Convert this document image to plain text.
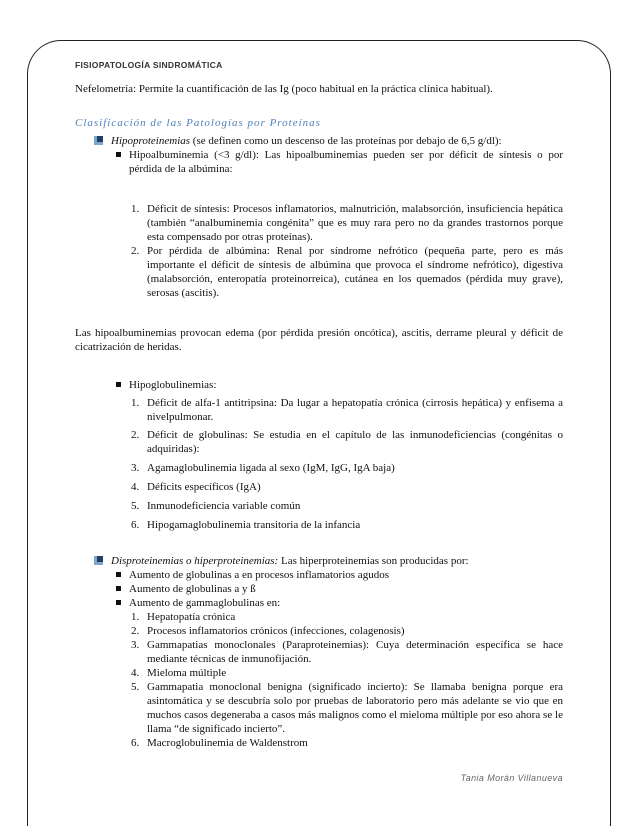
FISIOPATOLOGÍA SINDROMÁTICA

Nefelometría: Permite la cuantificación de las Ig (poco habitual en la práctica clínica habitual).

Clasificación de las Patologías por Proteínas

Hipoproteinemias (se definen como un descenso de las proteínas por debajo de 6,5 g/dl):
Hipoalbuminemia (<3 g/dl): Las hipoalbuminemias pueden ser por déficit de síntesis o por pérdida de la albúmina:
1. Déficit de síntesis: Procesos inflamatorios, malnutrición, malabsorción, insuficiencia hepática (también “analbuminemia congénita” que es muy rara pero no da grandes trastornos porque esta compensado por otras proteínas).
2. Por pérdida de albúmina: Renal por síndrome nefrótico (pequeña parte, pero es más importante el déficit de síntesis de albúmina que provoca el síndrome nefrótico), digestiva (malabsorción, enteropatía proteinorreica), cutánea en los quemados (pérdida muy grave), serosas (ascitis).

Las hipoalbuminemias provocan edema (por pérdida presión oncótica), ascitis, derrame pleural y déficit de cicatrización de heridas.

Hipoglobulinemias:
1. Déficit de alfa-1 antitripsina: Da lugar a hepatopatía crónica (cirrosis hepática) y enfisema a nivelpulmonar.
2. Déficit de globulinas: Se estudia en el capítulo de las inmunodeficiencias (congénitas o adquiridas):
3. Agamaglobulinemia ligada al sexo (IgM, IgG, IgA baja)
4. Déficits específicos (IgA)
5. Inmunodeficiencia variable común
6. Hipogamaglobulinemia transitoria de la infancia
Disproteinemias o hiperproteinemias: Las hiperproteinemias son producidas por:
Aumento de globulinas a en procesos inflamatorios agudos
Aumento de globulinas a y ß
Aumento de gammaglobulinas en:
1. Hepatopatía crónica
2. Procesos inflamatorios crónicos (infecciones, colagenosis)
3. Gammapatias monoclonales (Paraproteinemias): Cuya determinación específica se hace mediante técnicas de inmunofijación.
4. Mieloma múltiple
5. Gammapatia monoclonal benigna (significado incierto): Se llamaba benigna porque era asintomática y se descubría solo por pruebas de laboratorio pero más adelante se vio que en muchos casos degeneraba a casos más malignos como el mieloma múltiple por eso ahora se le llama “de significado incierto”.
6. Macroglobulinemia de Waldenstrom
Tania Morán Villanueva
